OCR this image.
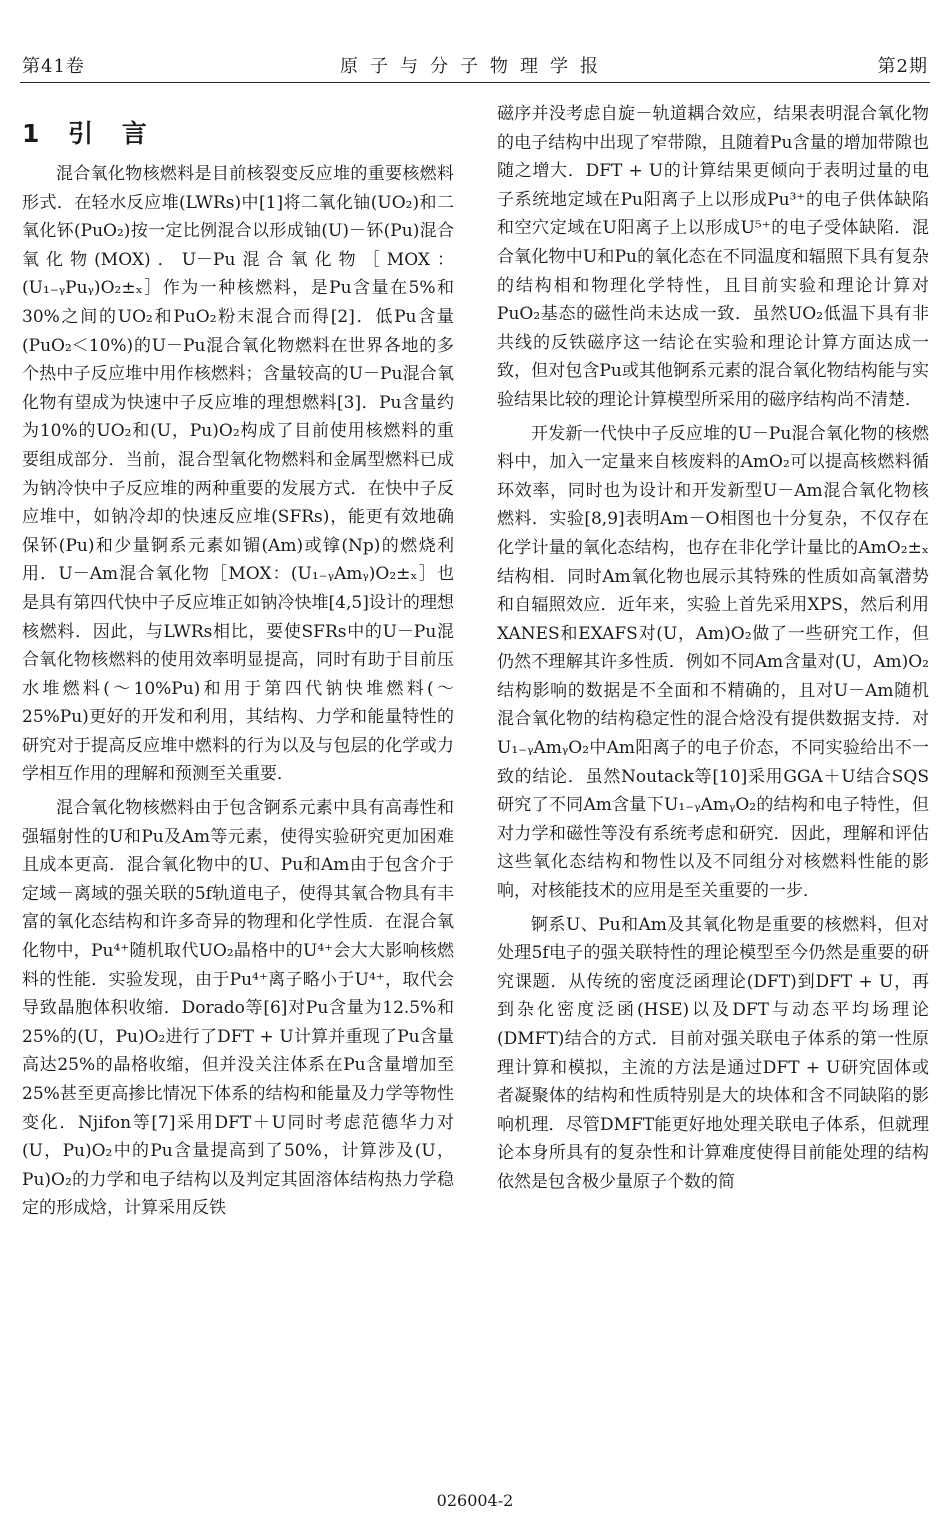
第41卷	原子与分子物理学报	第2期
1 引 言

混合氧化物核燃料是目前核裂变反应堆的重要核燃料形式．在轻水反应堆(LWRs)中[1]将二氧化铀(UO₂)和二氧化钚(PuO₂)按一定比例混合以形成铀(U)－钚(Pu)混合氧化物(MOX)．U－Pu混合氧化物［MOX：(U₁₋ᵧPuᵧ)O₂±ₓ］作为一种核燃料，是Pu含量在5%和30%之间的UO₂和PuO₂粉末混合而得[2]．低Pu含量(PuO₂＜10%)的U－Pu混合氧化物燃料在世界各地的多个热中子反应堆中用作核燃料；含量较高的U－Pu混合氧化物有望成为快速中子反应堆的理想燃料[3]．Pu含量约为10%的UO₂和(U，Pu)O₂构成了目前使用核燃料的重要组成部分．当前，混合型氧化物燃料和金属型燃料已成为钠冷快中子反应堆的两种重要的发展方式．在快中子反应堆中，如钠冷却的快速反应堆(SFRs)，能更有效地确保钚(Pu)和少量锕系元素如镅(Am)或镎(Np)的燃烧利用．U－Am混合氧化物［MOX：(U₁₋ᵧAmᵧ)O₂±ₓ］也是具有第四代快中子反应堆正如钠冷快堆[4,5]设计的理想核燃料．因此，与LWRs相比，要使SFRs中的U－Pu混合氧化物核燃料的使用效率明显提高，同时有助于目前压水堆燃料(～10%Pu)和用于第四代钠快堆燃料(～25%Pu)更好的开发和利用，其结构、力学和能量特性的研究对于提高反应堆中燃料的行为以及与包层的化学或力学相互作用的理解和预测至关重要．

混合氧化物核燃料由于包含锕系元素中具有高毒性和强辐射性的U和Pu及Am等元素，使得实验研究更加困难且成本更高．混合氧化物中的U、Pu和Am由于包含介于定域－离域的强关联的5f轨道电子，使得其氧合物具有丰富的氧化态结构和许多奇异的物理和化学性质．在混合氧化物中，Pu⁴⁺随机取代UO₂晶格中的U⁴⁺会大大影响核燃料的性能．实验发现，由于Pu⁴⁺离子略小于U⁴⁺，取代会导致晶胞体积收缩．Dorado等[6]对Pu含量为12.5%和25%的(U，Pu)O₂进行了DFT + U计算并重现了Pu含量高达25%的晶格收缩，但并没关注体系在Pu含量增加至25%甚至更高掺比情况下体系的结构和能量及力学等物性变化．Njifon等[7]采用DFT＋U同时考虑范德华力对(U，Pu)O₂中的Pu含量提高到了50%，计算涉及(U，Pu)O₂的力学和电子结构以及判定其固溶体结构热力学稳定的形成焓，计算采用反铁

磁序并没考虑自旋－轨道耦合效应，结果表明混合氧化物的电子结构中出现了窄带隙，且随着Pu含量的增加带隙也随之增大．DFT + U的计算结果更倾向于表明过量的电子系统地定域在Pu阳离子上以形成Pu³⁺的电子供体缺陷和空穴定域在U阳离子上以形成U⁵⁺的电子受体缺陷．混合氧化物中U和Pu的氧化态在不同温度和辐照下具有复杂的结构相和物理化学特性，且目前实验和理论计算对PuO₂基态的磁性尚未达成一致．虽然UO₂低温下具有非共线的反铁磁序这一结论在实验和理论计算方面达成一致，但对包含Pu或其他锕系元素的混合氧化物结构能与实验结果比较的理论计算模型所采用的磁序结构尚不清楚．

开发新一代快中子反应堆的U－Pu混合氧化物的核燃料中，加入一定量来自核废料的AmO₂可以提高核燃料循环效率，同时也为设计和开发新型U－Am混合氧化物核燃料．实验[8,9]表明Am－O相图也十分复杂，不仅存在化学计量的氧化态结构，也存在非化学计量比的AmO₂±ₓ结构相．同时Am氧化物也展示其特殊的性质如高氧潜势和自辐照效应．近年来，实验上首先采用XPS，然后利用XANES和EXAFS对(U，Am)O₂做了一些研究工作，但仍然不理解其许多性质．例如不同Am含量对(U，Am)O₂结构影响的数据是不全面和不精确的，且对U－Am随机混合氧化物的结构稳定性的混合焓没有提供数据支持．对U₁₋ᵧAmᵧO₂中Am阳离子的电子价态，不同实验给出不一致的结论．虽然Noutack等[10]采用GGA＋U结合SQS研究了不同Am含量下U₁₋ᵧAmᵧO₂的结构和电子特性，但对力学和磁性等没有系统考虑和研究．因此，理解和评估这些氧化态结构和物性以及不同组分对核燃料性能的影响，对核能技术的应用是至关重要的一步．

锕系U、Pu和Am及其氧化物是重要的核燃料，但对处理5f电子的强关联特性的理论模型至今仍然是重要的研究课题．从传统的密度泛函理论(DFT)到DFT + U，再到杂化密度泛函(HSE)以及DFT与动态平均场理论(DMFT)结合的方式．目前对强关联电子体系的第一性原理计算和模拟，主流的方法是通过DFT + U研究固体或者凝聚体的结构和性质特别是大的块体和含不同缺陷的影响机理．尽管DMFT能更好地处理关联电子体系，但就理论本身所具有的复杂性和计算难度使得目前能处理的结构依然是包含极少量原子个数的简

026004-2
